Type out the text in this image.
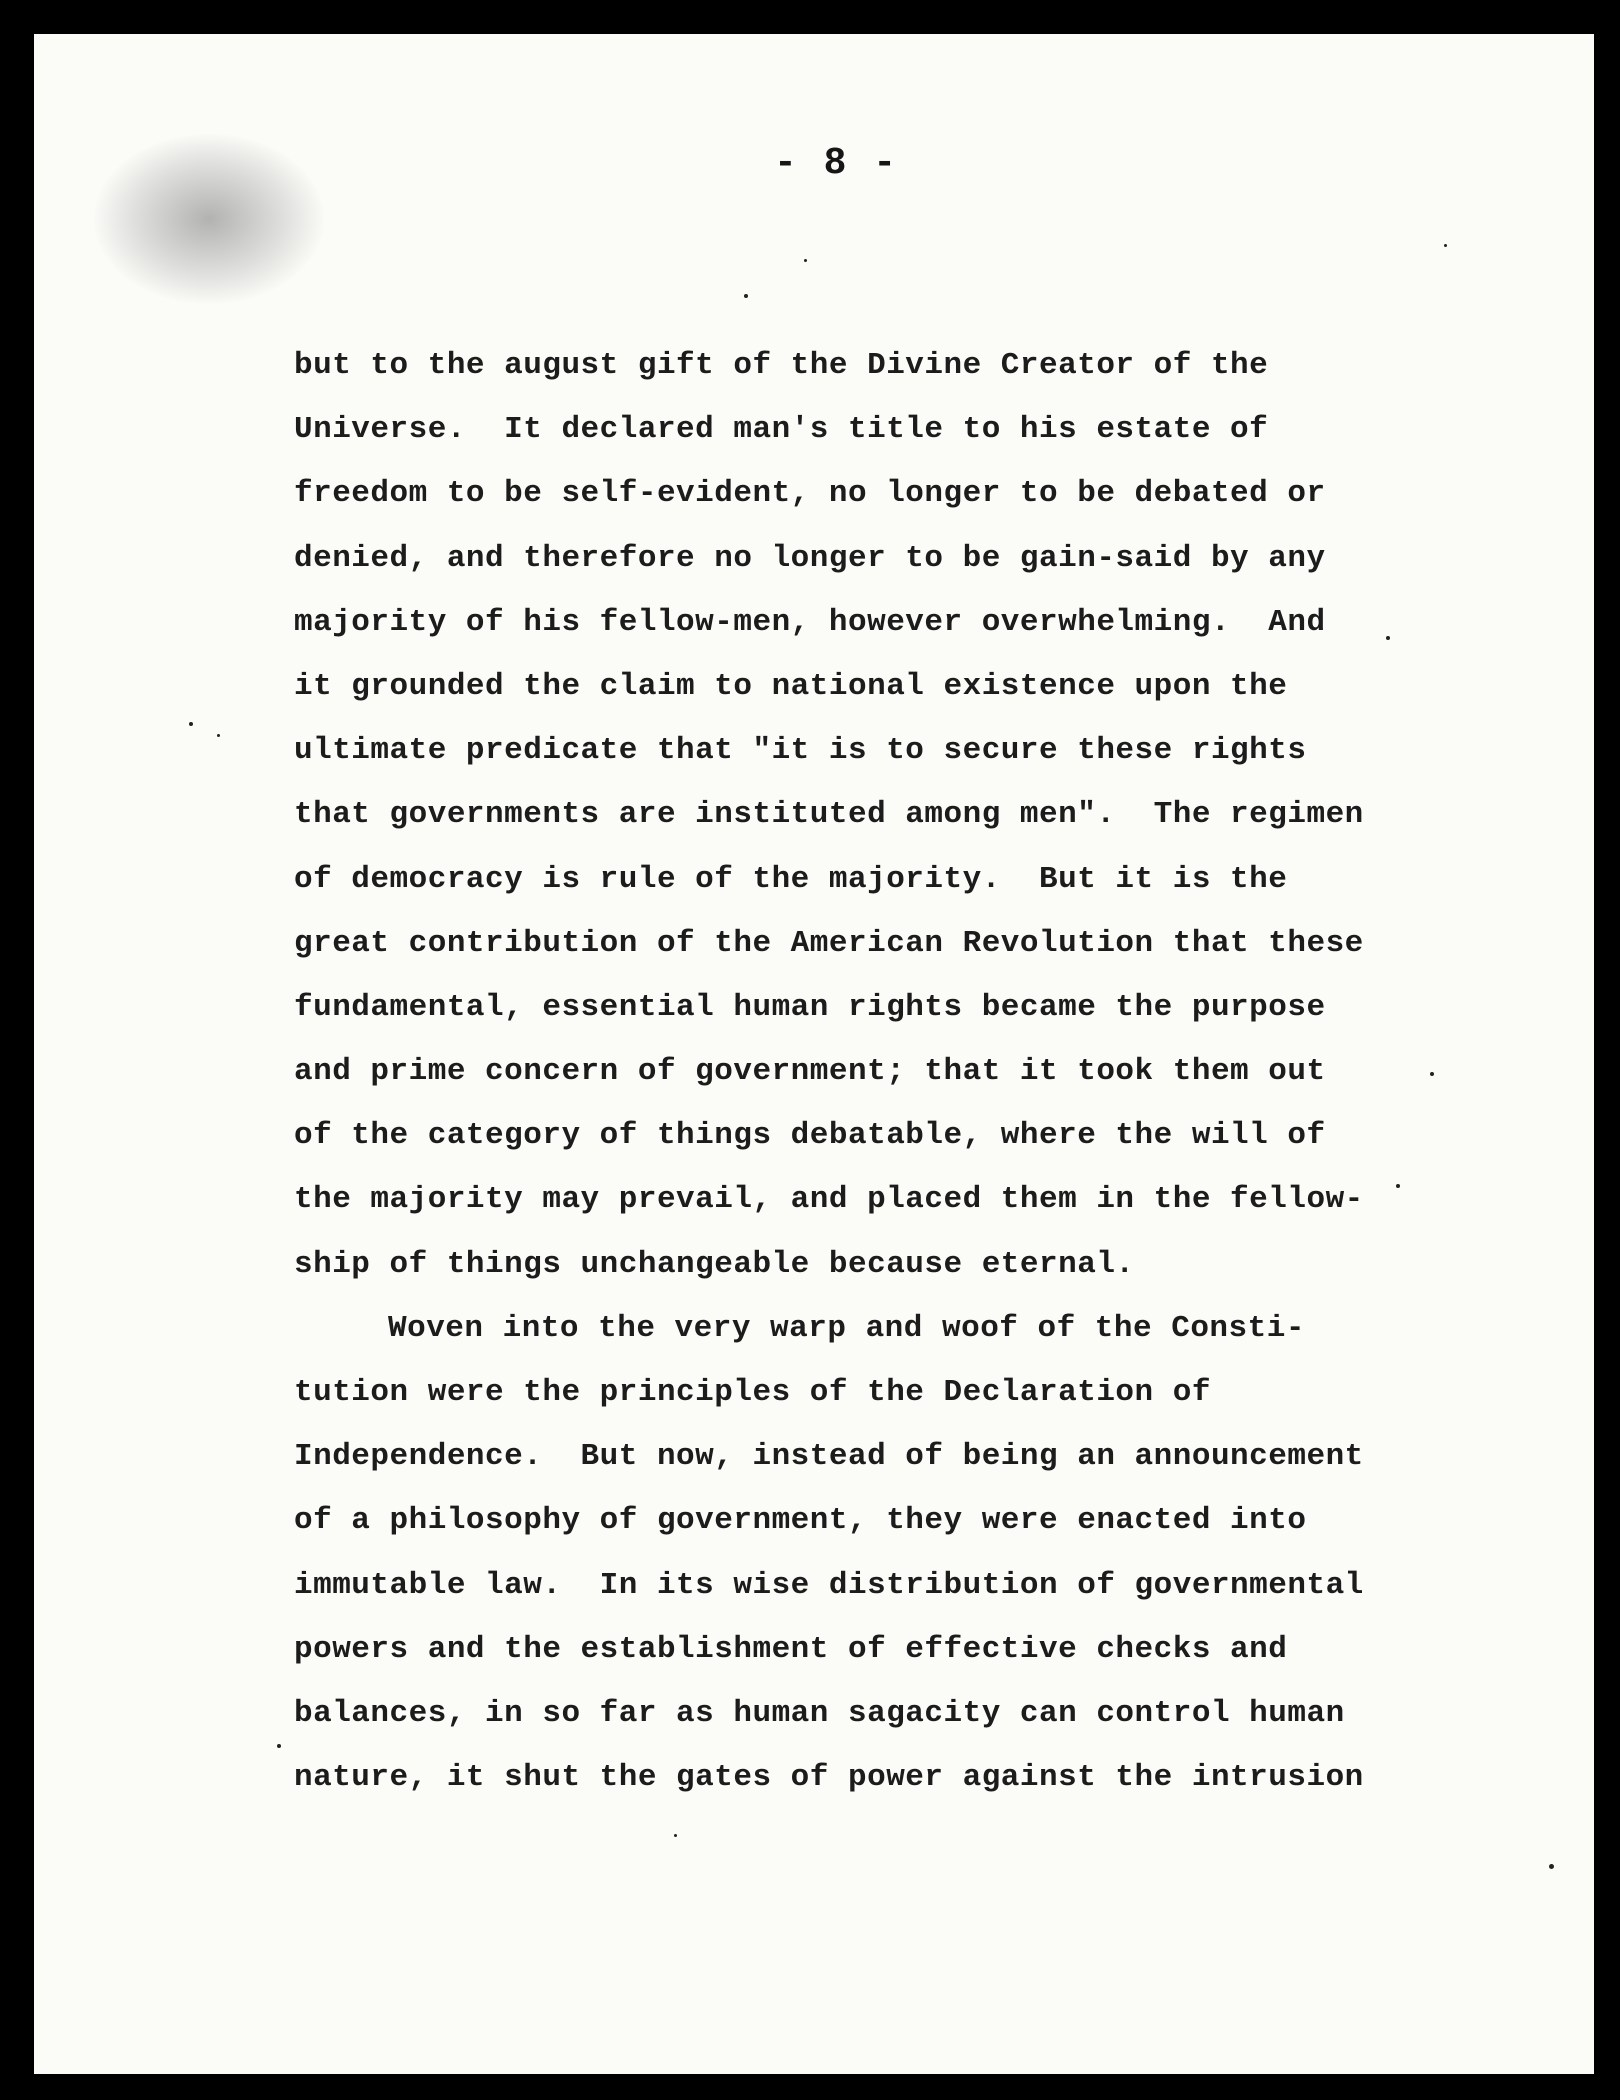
- 8 -
but to the august gift of the Divine Creator of the
Universe.  It declared man's title to his estate of
freedom to be self-evident, no longer to be debated or
denied, and therefore no longer to be gain-said by any
majority of his fellow-men, however overwhelming.  And
it grounded the claim to national existence upon the
ultimate predicate that "it is to secure these rights
that governments are instituted among men".  The regimen
of democracy is rule of the majority.  But it is the
great contribution of the American Revolution that these
fundamental, essential human rights became the purpose
and prime concern of government; that it took them out
of the category of things debatable, where the will of
the majority may prevail, and placed them in the fellow-
ship of things unchangeable because eternal.
Woven into the very warp and woof of the Consti-
tution were the principles of the Declaration of
Independence.  But now, instead of being an announcement
of a philosophy of government, they were enacted into
immutable law.  In its wise distribution of governmental
powers and the establishment of effective checks and
balances, in so far as human sagacity can control human
nature, it shut the gates of power against the intrusion
